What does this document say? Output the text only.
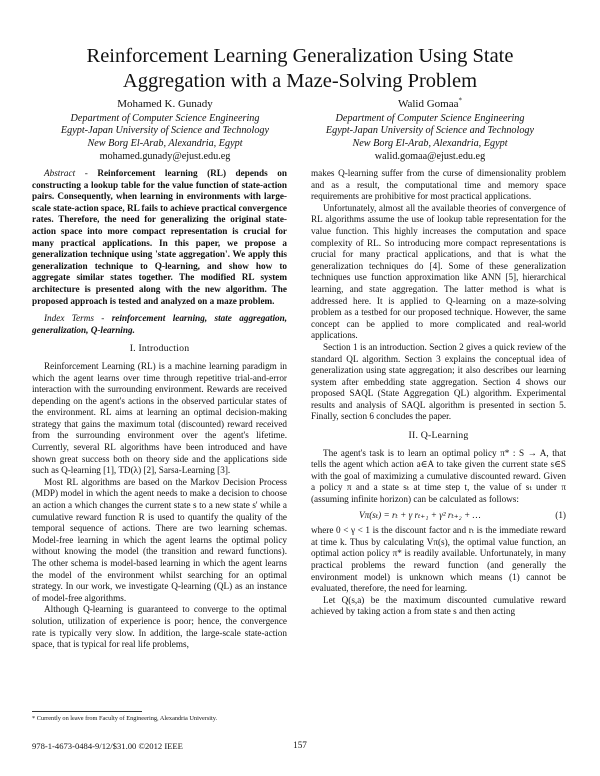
Reinforcement Learning Generalization Using State Aggregation with a Maze-Solving Problem
Mohamed K. Gunady
Department of Computer Science Engineering
Egypt-Japan University of Science and Technology
New Borg El-Arab, Alexandria, Egypt
mohamed.gunady@ejust.edu.eg
Walid Gomaa*
Department of Computer Science Engineering
Egypt-Japan University of Science and Technology
New Borg El-Arab, Alexandria, Egypt
walid.gomaa@ejust.edu.eg

Abstract - Reinforcement learning (RL) depends on constructing a lookup table for the value function of state-action pairs. Consequently, when learning in environments with large-scale state-action space, RL fails to achieve practical convergence rates. Therefore, the need for generalizing the original state-action space into more compact representation is crucial for many practical applications. In this paper, we propose a generalization technique using 'state aggregation'. We apply this generalization technique to Q-learning, and show how to aggregate similar states together. The modified RL system architecture is presented along with the new algorithm. The proposed approach is tested and analyzed on a maze problem.

Index Terms - reinforcement learning, state aggregation, generalization, Q-learning.

I. Introduction

Reinforcement Learning (RL) is a machine learning paradigm in which the agent learns over time through repetitive trial-and-error interaction with the surrounding environment. Rewards are received depending on the agent's actions in the observed particular states of the environment. RL aims at learning an optimal decision-making strategy that gains the maximum total (discounted) reward received from the surrounding environment over the agent's lifetime. Currently, several RL algorithms have been introduced and have shown great success both on theory side and the applications side such as Q-learning [1], TD(λ) [2], Sarsa-Learning [3].

Most RL algorithms are based on the Markov Decision Process (MDP) model in which the agent needs to make a decision to choose an action a which changes the current state s to a new state s' while a cumulative reward function R is used to quantify the quality of the temporal sequence of actions. There are two learning schemas. Model-free learning in which the agent learns the optimal policy without knowing the model (the transition and reward functions). The other schema is model-based learning in which the agent learns the model of the environment whilst searching for an optimal strategy. In our work, we investigate Q-learning (QL) as an instance of model-free algorithms.

Although Q-learning is guaranteed to converge to the optimal solution, utilization of experience is poor; hence, the convergence rate is typically very slow. In addition, the large-scale state-action space, that is typical for real life problems,

makes Q-learning suffer from the curse of dimensionality problem and as a result, the computational time and memory space requirements are prohibitive for most practical applications.

Unfortunately, almost all the available theories of convergence of RL algorithms assume the use of lookup table representation for the value function. This highly increases the computation and space complexity of RL. So introducing more compact representations is crucial for many practical applications, and that is what the generalization techniques do [4]. Some of these generalization techniques use function approximation like ANN [5], hierarchical learning, and state aggregation. The latter method is what is addressed here. It is applied to Q-learning on a maze-solving problem as a testbed for our proposed technique. However, the same concept can be applied to more complicated and real-world applications.

Section 1 is an introduction. Section 2 gives a quick review of the standard QL algorithm. Section 3 explains the conceptual idea of generalization using state aggregation; it also describes our learning system after embedding state aggregation. Section 4 shows our proposed SAQL (State Aggregation QL) algorithm. Experimental results and analysis of SAQL algorithm is presented in section 5. Finally, section 6 concludes the paper.

II. Q-Learning

The agent's task is to learn an optimal policy π* : S → A, that tells the agent which action a∈A to take given the current state s∈S with the goal of maximizing a cumulative discounted reward. Given a policy π and a state sₜ at time step t, the value of sₜ under π (assuming infinite horizon) can be calculated as follows:

Vπ(sₜ) = rₜ + γ rₜ₊₁ + γ² rₜ₊₂ + …	(1)

where 0 < γ < 1 is the discount factor and rₜ is the immediate reward at time k. Thus by calculating Vπ(s), the optimal value function, an optimal action policy π* is readily available. Unfortunately, in many practical problems the reward function (and generally the environment model) is unknown which means (1) cannot be evaluated, therefore, the need for learning.

Let Q(s,a) be the maximum discounted cumulative reward achieved by taking action a from state s and then acting

* Currently on leave from Faculty of Engineering, Alexandria University.
978-1-4673-0484-9/12/$31.00 ©2012 IEEE	157
